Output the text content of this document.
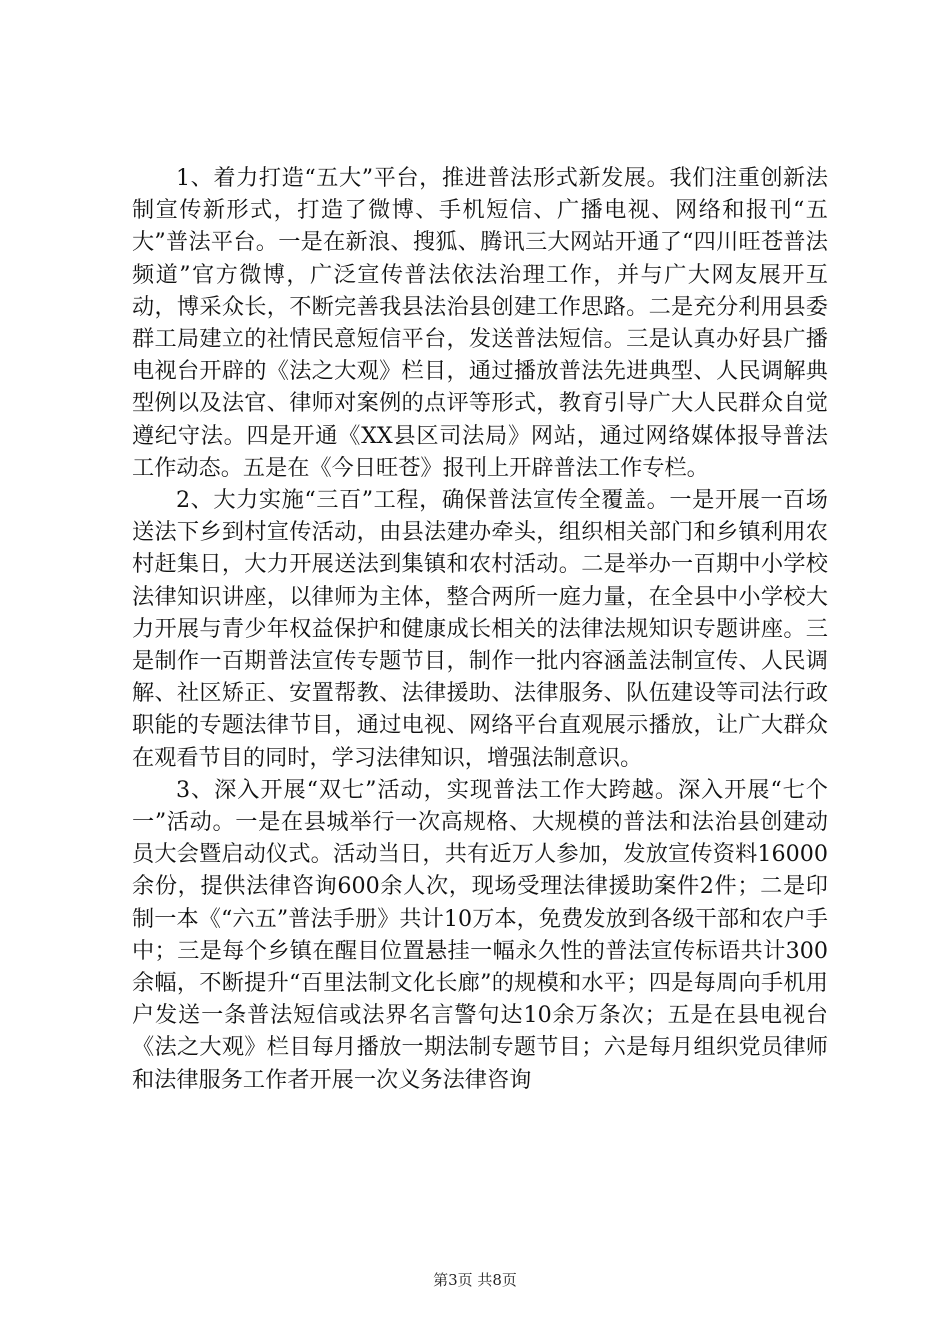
1、着力打造“五大”平台，推进普法形式新发展。我们注重创新法制宣传新形式，打造了微博、手机短信、广播电视、网络和报刊“五大”普法平台。一是在新浪、搜狐、腾讯三大网站开通了“四川旺苍普法频道”官方微博，广泛宣传普法依法治理工作，并与广大网友展开互动，博采众长，不断完善我县法治县创建工作思路。二是充分利用县委群工局建立的社情民意短信平台，发送普法短信。三是认真办好县广播电视台开辟的《法之大观》栏目，通过播放普法先进典型、人民调解典型例以及法官、律师对案例的点评等形式，教育引导广大人民群众自觉遵纪守法。四是开通《XX县区司法局》网站，通过网络媒体报导普法工作动态。五是在《今日旺苍》报刊上开辟普法工作专栏。

2、大力实施“三百”工程，确保普法宣传全覆盖。一是开展一百场送法下乡到村宣传活动，由县法建办牵头，组织相关部门和乡镇利用农村赶集日，大力开展送法到集镇和农村活动。二是举办一百期中小学校法律知识讲座，以律师为主体，整合两所一庭力量，在全县中小学校大力开展与青少年权益保护和健康成长相关的法律法规知识专题讲座。三是制作一百期普法宣传专题节目，制作一批内容涵盖法制宣传、人民调解、社区矫正、安置帮教、法律援助、法律服务、队伍建设等司法行政职能的专题法律节目，通过电视、网络平台直观展示播放，让广大群众在观看节目的同时，学习法律知识，增强法制意识。

3、深入开展“双七”活动，实现普法工作大跨越。深入开展“七个一”活动。一是在县城举行一次高规格、大规模的普法和法治县创建动员大会暨启动仪式。活动当日，共有近万人参加，发放宣传资料16000余份，提供法律咨询600余人次，现场受理法律援助案件2件；二是印制一本《“六五”普法手册》共计10万本，免费发放到各级干部和农户手中；三是每个乡镇在醒目位置悬挂一幅永久性的普法宣传标语共计300余幅，不断提升“百里法制文化长廊”的规模和水平；四是每周向手机用户发送一条普法短信或法界名言警句达10余万条次；五是在县电视台《法之大观》栏目每月播放一期法制专题节目；六是每月组织党员律师和法律服务工作者开展一次义务法律咨询

第3页 共8页
